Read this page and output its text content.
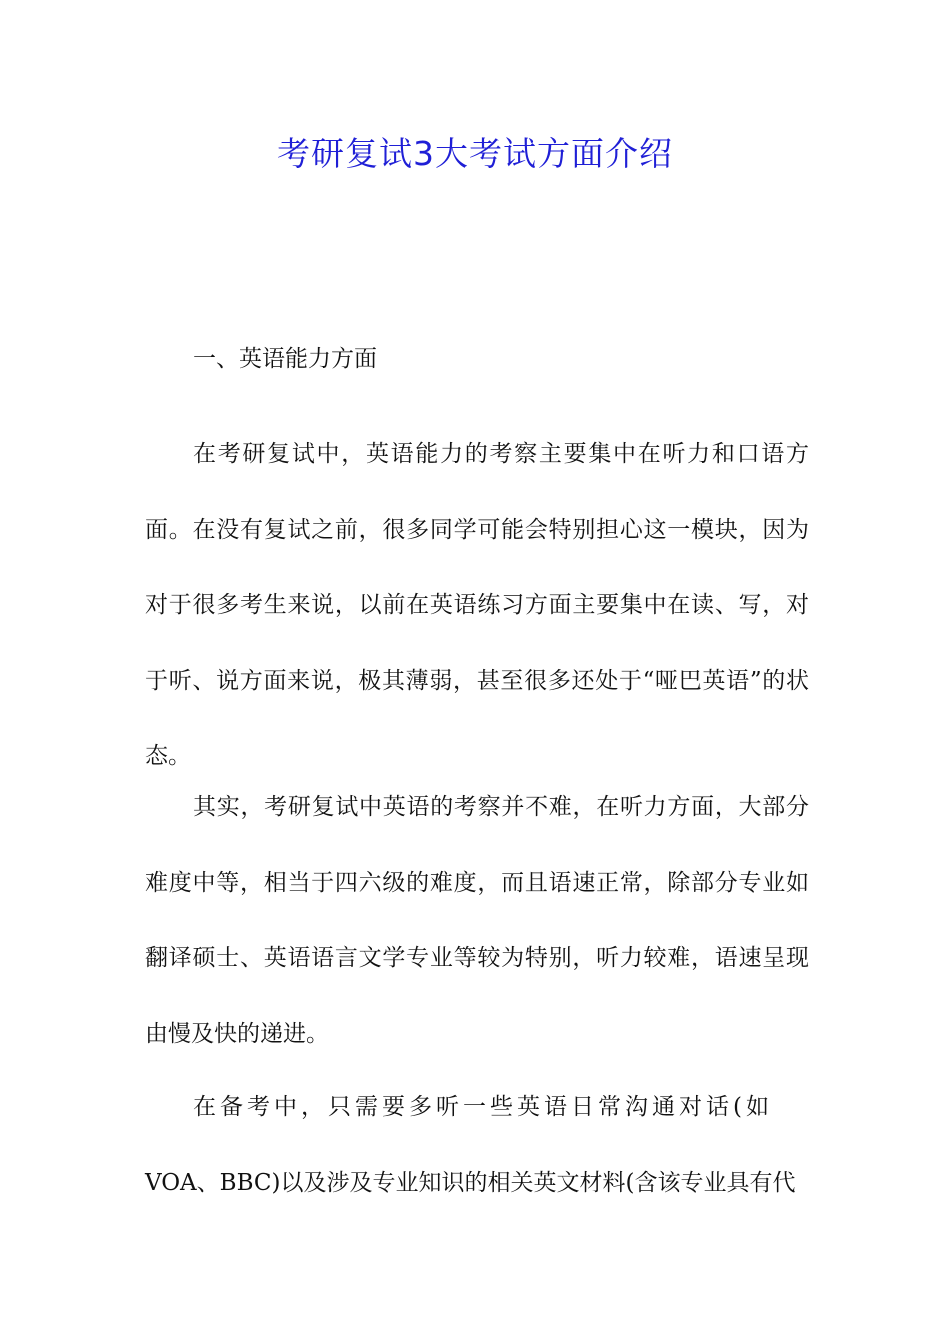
考研复试3大考试方面介绍

一、英语能力方面

在考研复试中，英语能力的考察主要集中在听力和口语方面。在没有复试之前，很多同学可能会特别担心这一模块，因为对于很多考生来说，以前在英语练习方面主要集中在读、写，对于听、说方面来说，极其薄弱，甚至很多还处于“哑巴英语”的状态。

其实，考研复试中英语的考察并不难，在听力方面，大部分难度中等，相当于四六级的难度，而且语速正常，除部分专业如翻译硕士、英语语言文学专业等较为特别，听力较难，语速呈现由慢及快的递进。

在备考中，只需要多听一些英语日常沟通对话(如
VOA、BBC)以及涉及专业知识的相关英文材料(含该专业具有代
